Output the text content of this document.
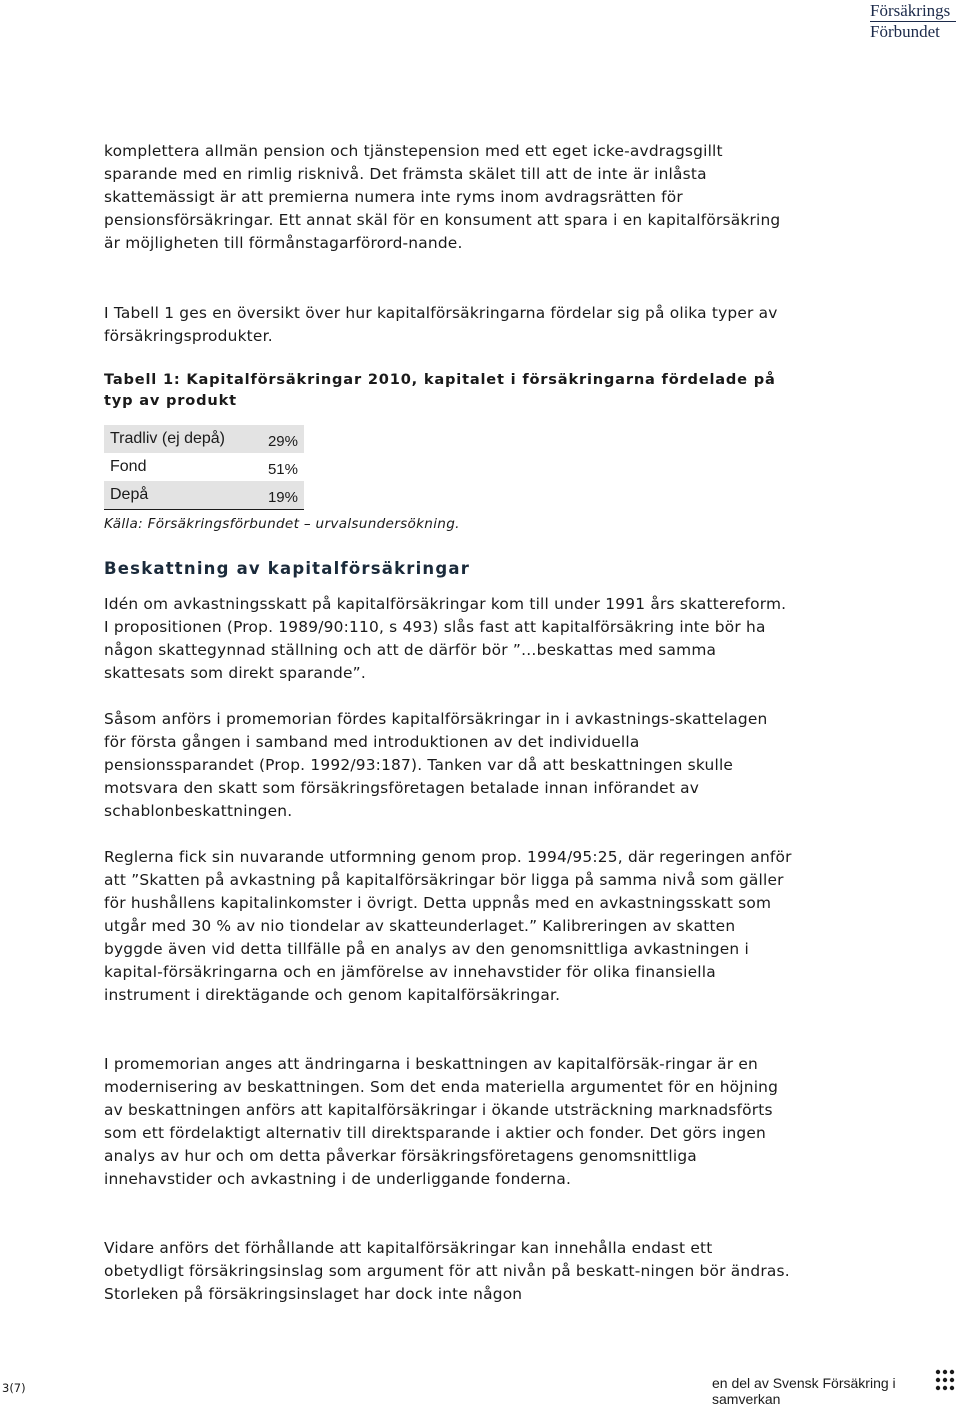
Försäkrings
Förbundet

komplettera allmän pension och tjänstepension med ett eget icke-avdragsgillt sparande med en rimlig risknivå. Det främsta skälet till att de inte är inlåsta skattemässigt är att premierna numera inte ryms inom avdragsrätten för pensionsförsäkringar. Ett annat skäl för en konsument att spara i en kapitalförsäkring är möjligheten till förmånstagarförord-nande.

I Tabell 1 ges en översikt över hur kapitalförsäkringarna fördelar sig på olika typer av försäkringsprodukter.

Tabell 1: Kapitalförsäkringar 2010, kapitalet i försäkringarna fördelade på typ av produkt

Tradliv (ej depå)	29%
Fond	51%
Depå	19%

Källa: Försäkringsförbundet – urvalsundersökning.

Beskattning av kapitalförsäkringar

Idén om avkastningsskatt på kapitalförsäkringar kom till under 1991 års skattereform. I propositionen (Prop. 1989/90:110, s 493) slås fast att kapitalförsäkring inte bör ha någon skattegynnad ställning och att de därför bör ”…beskattas med samma skattesats som direkt sparande”.

Såsom anförs i promemorian fördes kapitalförsäkringar in i avkastnings-skattelagen för första gången i samband med introduktionen av det individuella pensionssparandet (Prop. 1992/93:187). Tanken var då att beskattningen skulle motsvara den skatt som försäkringsföretagen betalade innan införandet av schablonbeskattningen.

Reglerna fick sin nuvarande utformning genom prop. 1994/95:25, där regeringen anför att ”Skatten på avkastning på kapitalförsäkringar bör ligga på samma nivå som gäller för hushållens kapitalinkomster i övrigt. Detta uppnås med en avkastningsskatt som utgår med 30 % av nio tiondelar av skatteunderlaget.” Kalibreringen av skatten byggde även vid detta tillfälle på en analys av den genomsnittliga avkastningen i kapital-försäkringarna och en jämförelse av innehavstider för olika finansiella instrument i direktägande och genom kapitalförsäkringar.

I promemorian anges att ändringarna i beskattningen av kapitalförsäk-ringar är en modernisering av beskattningen. Som det enda materiella argumentet för en höjning av beskattningen anförs att kapitalförsäkringar i ökande utsträckning marknadsförts som ett fördelaktigt alternativ till direktsparande i aktier och fonder. Det görs ingen analys av hur och om detta påverkar försäkringsföretagens genomsnittliga innehavstider och avkastning i de underliggande fonderna.

Vidare anförs det förhållande att kapitalförsäkringar kan innehålla endast ett obetydligt försäkringsinslag som argument för att nivån på beskatt-ningen bör ändras. Storleken på försäkringsinslaget har dock inte någon

3(7)	en del av Svensk Försäkring i samverkan
